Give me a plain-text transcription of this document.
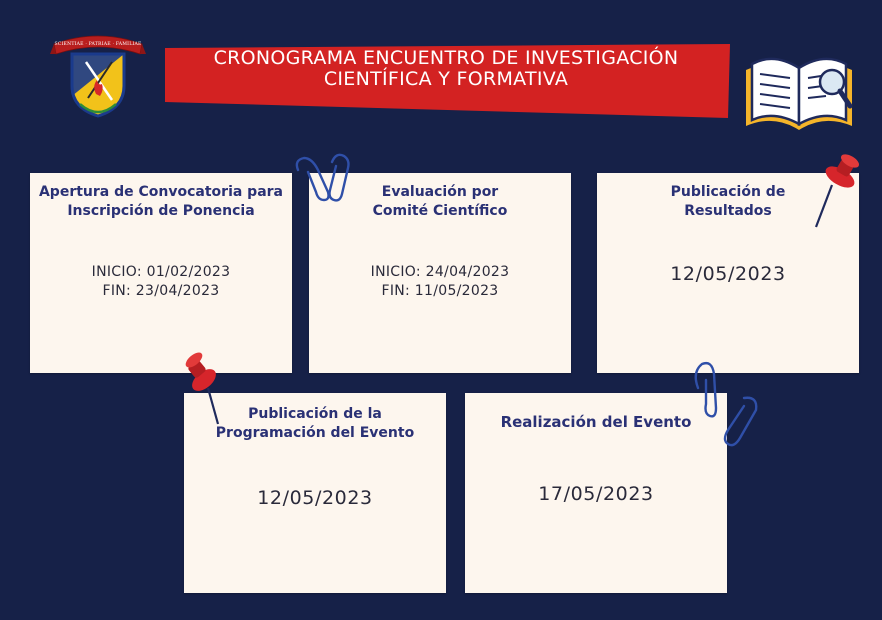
CRONOGRAMA ENCUENTRO DE INVESTIGACIÓN
CIENTÍFICA Y FORMATIVA
SCIENTIAE · PATRIAE · FAMILIAE
Apertura de Convocatoria para
Inscripción de Ponencia
INICIO: 01/02/2023
FIN: 23/04/2023
Evaluación por
Comité Científico
INICIO: 24/04/2023
FIN: 11/05/2023
Publicación de
Resultados
12/05/2023
Publicación de la
Programación del Evento
12/05/2023
Realización del Evento
17/05/2023
